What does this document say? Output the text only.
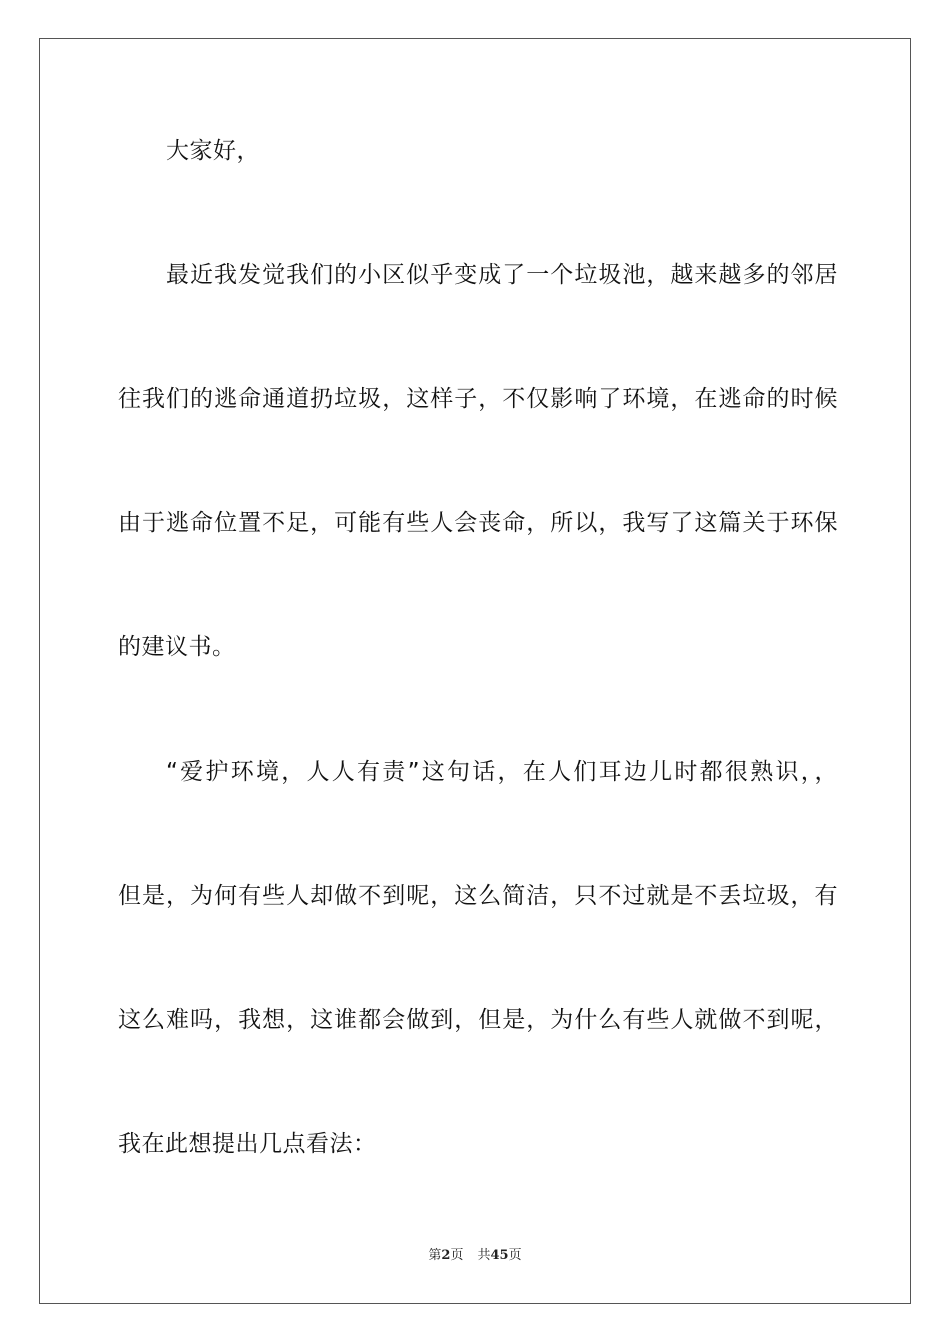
大家好，
最近我发觉我们的小区似乎变成了一个垃圾池，越来越多的邻居
往我们的逃命通道扔垃圾，这样子，不仅影响了环境，在逃命的时候
由于逃命位置不足，可能有些人会丧命，所以，我写了这篇关于环保
的建议书。
“爱护环境，人人有责”这句话，在人们耳边儿时都很熟识，，
但是，为何有些人却做不到呢，这么简洁，只不过就是不丢垃圾，有
这么难吗，我想，这谁都会做到，但是，为什么有些人就做不到呢，
我在此想提出几点看法：
第2页 共45页
